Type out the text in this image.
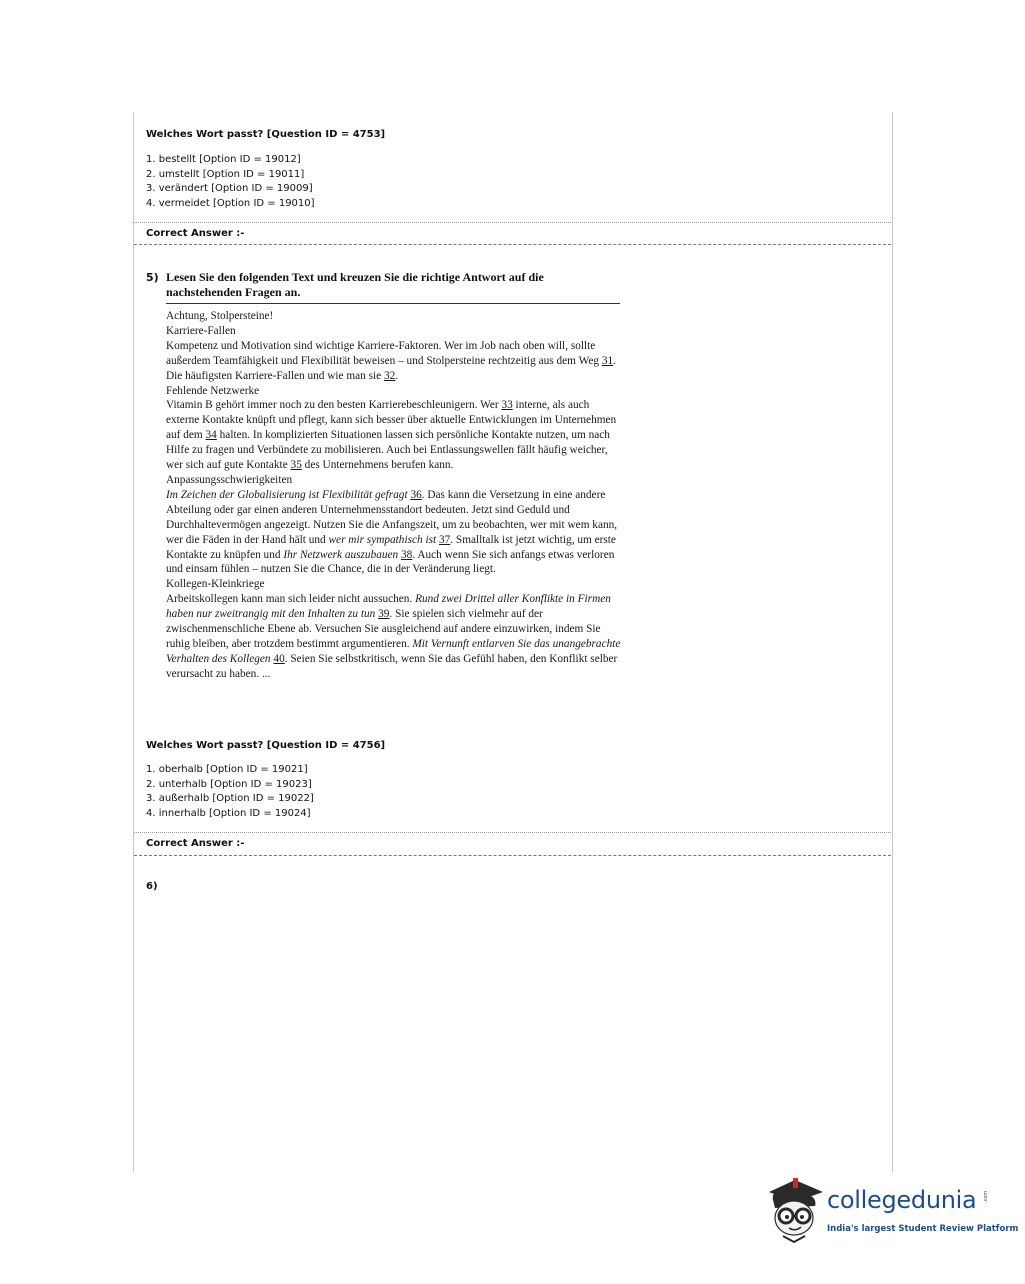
Welches Wort passt? [Question ID = 4753]
1. bestellt [Option ID = 19012]
2. umstellt [Option ID = 19011]
3. verändert [Option ID = 19009]
4. vermeidet [Option ID = 19010]
Correct Answer :-
5) Lesen Sie den folgenden Text und kreuzen Sie die richtige Antwort auf die
nachstehenden Fragen an.

Achtung, Stolpersteine!

Karriere-Fallen

Kompetenz und Motivation sind wichtige Karriere-Faktoren. Wer im Job nach oben will, sollte außerdem Teamfähigkeit und Flexibilität beweisen – und Stolpersteine rechtzeitig aus dem Weg 31. Die häufigsten Karriere-Fallen und wie man sie 32.

Fehlende Netzwerke

Vitamin B gehört immer noch zu den besten Karrierebeschleunigern. Wer 33 interne, als auch externe Kontakte knüpft und pflegt, kann sich besser über aktuelle Entwicklungen im Unternehmen auf dem 34 halten. In komplizierten Situationen lassen sich persönliche Kontakte nutzen, um nach Hilfe zu fragen und Verbündete zu mobilisieren. Auch bei Entlassungswellen fällt häufig weicher, wer sich auf gute Kontakte 35 des Unternehmens berufen kann.

Anpassungsschwierigkeiten

Im Zeichen der Globalisierung ist Flexibilität gefragt 36. Das kann die Versetzung in eine andere Abteilung oder gar einen anderen Unternehmensstandort bedeuten. Jetzt sind Geduld und Durchhaltevermögen angezeigt. Nutzen Sie die Anfangszeit, um zu beobachten, wer mit wem kann, wer die Fäden in der Hand hält und wer mir sympathisch ist 37. Smalltalk ist jetzt wichtig, um erste Kontakte zu knüpfen und Ihr Netzwerk auszubauen 38. Auch wenn Sie sich anfangs etwas verloren und einsam fühlen – nutzen Sie die Chance, die in der Veränderung liegt.

Kollegen-Kleinkriege

Arbeitskollegen kann man sich leider nicht aussuchen. Rund zwei Drittel aller Konflikte in Firmen haben nur zweitrangig mit den Inhalten zu tun 39. Sie spielen sich vielmehr auf der zwischenmenschliche Ebene ab. Versuchen Sie ausgleichend auf andere einzuwirken, indem Sie ruhig bleiben, aber trotzdem bestimmt argumentieren. Mit Vernunft entlarven Sie das unangebrachte Verhalten des Kollegen 40. Seien Sie selbstkritisch, wenn Sie das Gefühl haben, den Konflikt selber verursacht zu haben. ...

Welches Wort passt? [Question ID = 4756]
1. oberhalb [Option ID = 19021]
2. unterhalb [Option ID = 19023]
3. außerhalb [Option ID = 19022]
4. innerhalb [Option ID = 19024]
Correct Answer :-
6)
collegedunia .com
India's largest Student Review Platform
